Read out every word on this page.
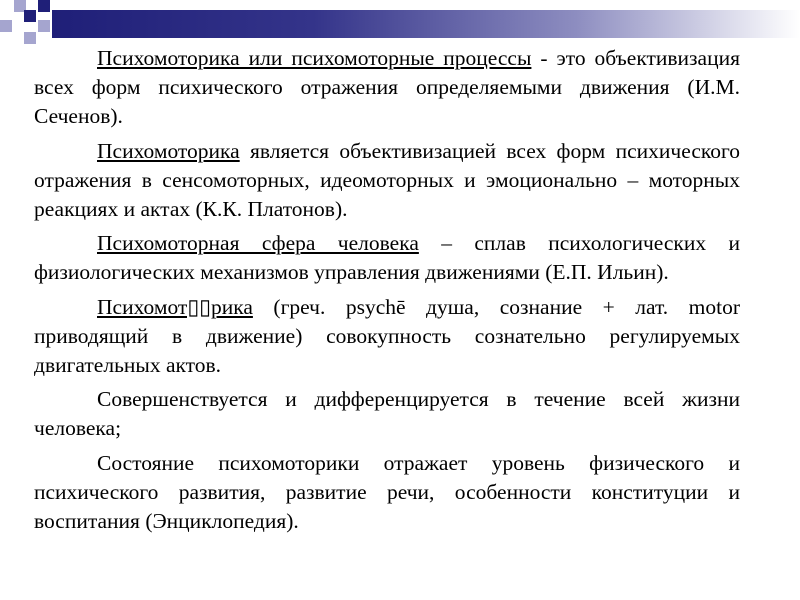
Психомоторика или психомоторные процессы - это объективизация всех форм психического отражения определяемыми движения (И.М. Сеченов).

Психомоторика является объективизацией всех форм психического отражения в сенсомоторных, идеомоторных и эмоционально – моторных реакциях и актах (К.К. Платонов).

Психомоторная сфера человека – сплав психологических и физиологических механизмов управления движениями (Е.П. Ильин).

Психомот▯▯рика (греч. psychē душа, сознание + лат. motor приводящий в движение) совокупность сознательно регулируемых двигательных актов.

Совершенствуется и дифференцируется в течение всей жизни человека;

Состояние психомоторики отражает уровень физического и психического развития, развитие речи, особенности конституции и воспитания (Энциклопедия).
